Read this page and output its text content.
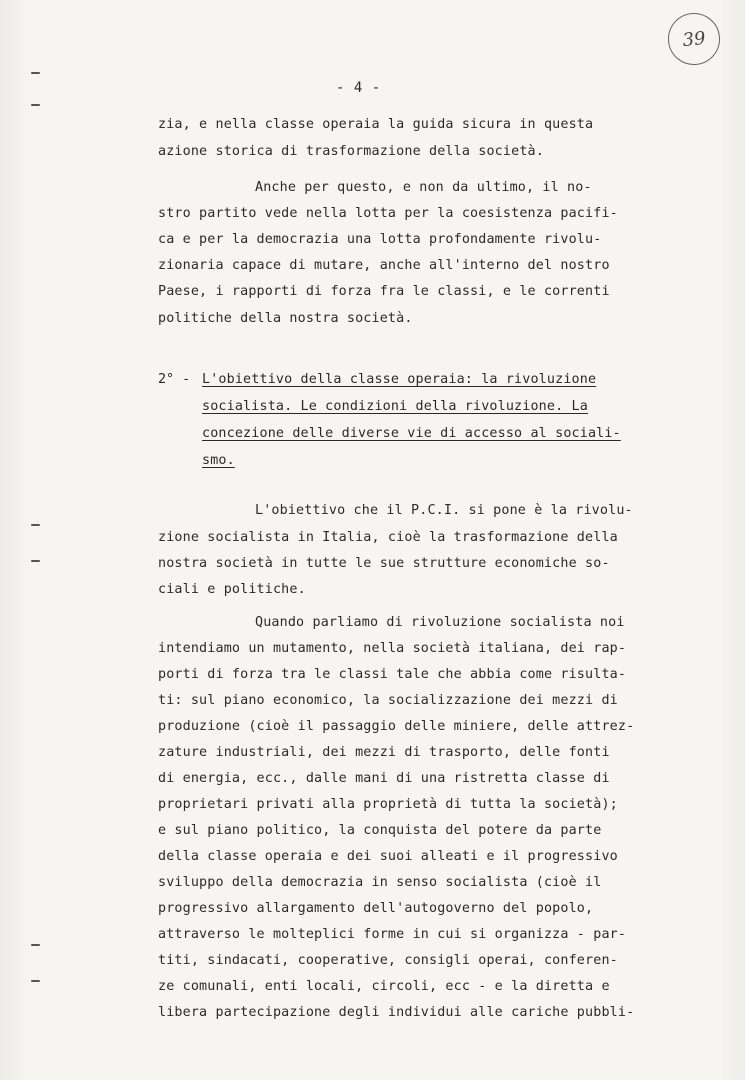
39
- 4 -
zia, e nella classe operaia la guida sicura in questa
azione storica di trasformazione della società.
Anche per questo, e non da ultimo, il no-
stro partito vede nella lotta per la coesistenza pacifi-
ca e per la democrazia una lotta profondamente rivolu-
zionaria capace di mutare, anche all'interno del nostro
Paese, i rapporti di forza fra le classi, e le correnti
politiche della nostra società.
2° - L'obiettivo della classe operaia: la rivoluzione
socialista. Le condizioni della rivoluzione. La
concezione delle diverse vie di accesso al sociali-
smo.
L'obiettivo che il P.C.I. si pone è la rivolu-
zione socialista in Italia, cioè la trasformazione della
nostra società in tutte le sue strutture economiche so-
ciali e politiche.
Quando parliamo di rivoluzione socialista noi
intendiamo un mutamento, nella società italiana, dei rap-
porti di forza tra le classi tale che abbia come risulta-
ti: sul piano economico, la socializzazione dei mezzi di
produzione (cioè il passaggio delle miniere, delle attrez-
zature industriali, dei mezzi di trasporto, delle fonti
di energia, ecc., dalle mani di una ristretta classe di
proprietari privati alla proprietà di tutta la società);
e sul piano politico, la conquista del potere da parte
della classe operaia e dei suoi alleati e il progressivo
sviluppo della democrazia in senso socialista (cioè il
progressivo allargamento dell'autogoverno del popolo,
attraverso le molteplici forme in cui si organizza - par-
titi, sindacati, cooperative, consigli operai, conferen-
ze comunali, enti locali, circoli, ecc - e la diretta e
libera partecipazione degli individui alle cariche pubbli-
